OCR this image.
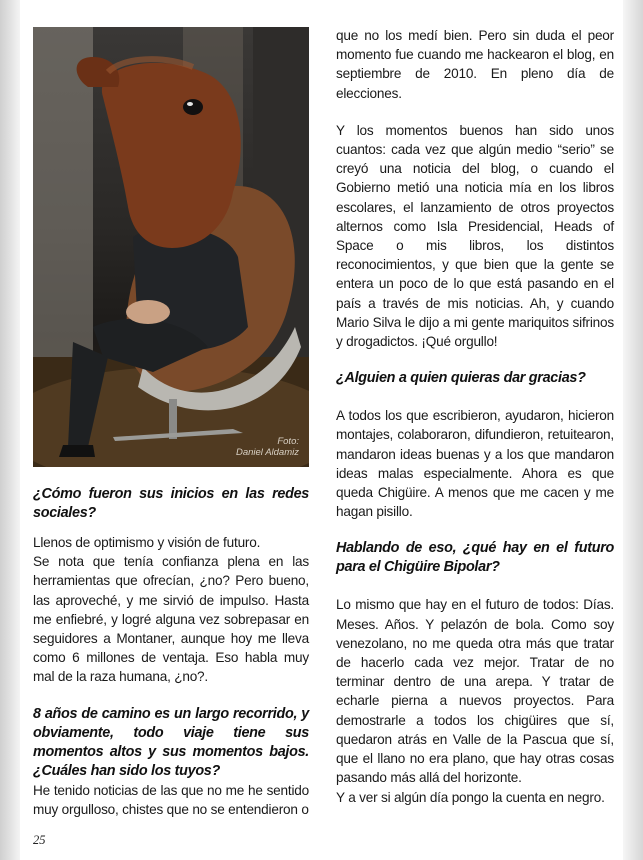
Foto:
Daniel Aldamiz
¿Cómo fueron sus inicios en las redes sociales?

Llenos de optimismo y visión de futuro.

Se nota que tenía confianza plena en las herramientas que ofrecían, ¿no? Pero bueno, las aproveché, y me sirvió de impulso. Hasta me enfiebré, y logré alguna vez sobrepasar en seguidores a Montaner, aunque hoy me lleva como 6 millones de ventaja. Eso habla muy mal de la raza humana, ¿no?.

8 años de camino es un largo recorrido, y obviamente, todo viaje tiene sus momentos altos y sus momentos bajos. ¿Cuáles han sido los tuyos?

He tenido noticias de las que no me he sentido muy orgulloso, chistes que no se entendieron o

que no los medí bien. Pero sin duda el peor momento fue cuando me hackearon el blog, en septiembre de 2010. En pleno día de elecciones.

Y los momentos buenos han sido unos cuantos: cada vez que algún medio “serio” se creyó una noticia del blog, o cuando el Gobierno metió una noticia mía en los libros escolares, el lanzamiento de otros proyectos alternos como Isla Presidencial, Heads of Space o mis libros, los distintos reconocimientos, y que bien que la gente se entera un poco de lo que está pasando en el país a través de mis noticias. Ah, y cuando Mario Silva le dijo a mi gente mariquitos sifrinos y drogadictos. ¡Qué orgullo!

¿Alguien a quien quieras dar gracias?

A todos los que escribieron, ayudaron, hicieron montajes, colaboraron, difundieron, retuitearon, mandaron ideas buenas y a los que mandaron ideas malas especialmente. Ahora es que queda Chigüire. A menos que me cacen y me hagan pisillo.

Hablando de eso, ¿qué hay en el futuro para el Chigüire Bipolar?

Lo mismo que hay en el futuro de todos: Días. Meses. Años. Y pelazón de bola. Como soy venezolano, no me queda otra más que tratar de hacerlo cada vez mejor. Tratar de no terminar dentro de una arepa. Y tratar de echarle pierna a nuevos proyectos. Para demostrarle a todos los chigüires que sí, quedaron atrás en Valle de la Pascua que sí, que el llano no era plano, que hay otras cosas pasando más allá del horizonte.

Y a ver si algún día pongo la cuenta en negro.

25
